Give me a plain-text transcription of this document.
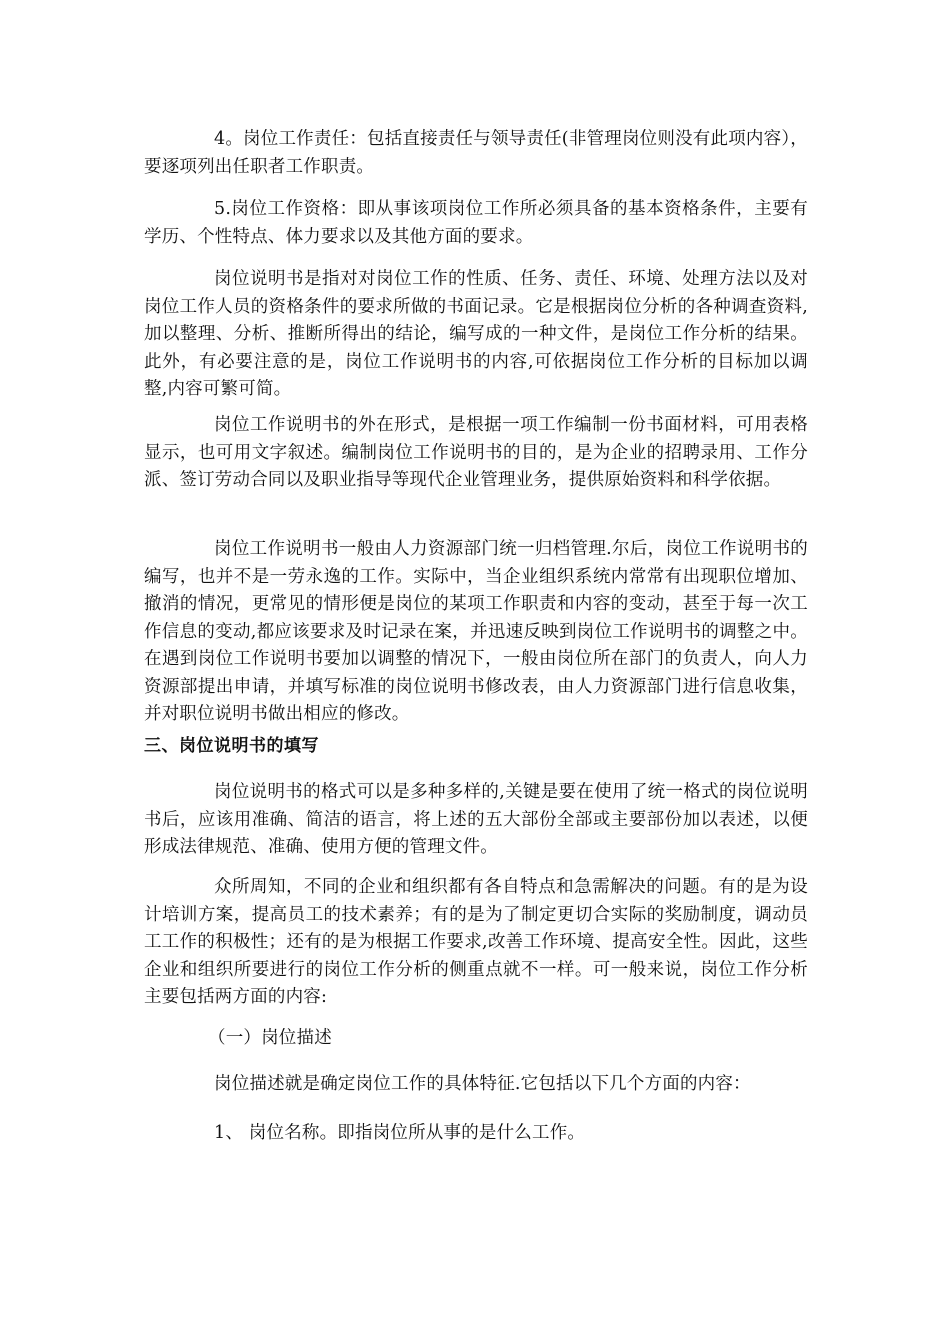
4。岗位工作责任：包括直接责任与领导责任(非管理岗位则没有此项内容），要逐项列出任职者工作职责。

5.岗位工作资格：即从事该项岗位工作所必须具备的基本资格条件，主要有学历、个性特点、体力要求以及其他方面的要求。

岗位说明书是指对对岗位工作的性质、任务、责任、环境、处理方法以及对岗位工作人员的资格条件的要求所做的书面记录。它是根据岗位分析的各种调查资料,加以整理、分析、推断所得出的结论，编写成的一种文件，是岗位工作分析的结果。此外，有必要注意的是，岗位工作说明书的内容,可依据岗位工作分析的目标加以调整,内容可繁可简。

岗位工作说明书的外在形式，是根据一项工作编制一份书面材料，可用表格显示，也可用文字叙述。编制岗位工作说明书的目的，是为企业的招聘录用、工作分派、签订劳动合同以及职业指导等现代企业管理业务，提供原始资料和科学依据。

岗位工作说明书一般由人力资源部门统一归档管理.尔后，岗位工作说明书的编写，也并不是一劳永逸的工作。实际中，当企业组织系统内常常有出现职位增加、撤消的情况，更常见的情形便是岗位的某项工作职责和内容的变动，甚至于每一次工作信息的变动,都应该要求及时记录在案，并迅速反映到岗位工作说明书的调整之中。在遇到岗位工作说明书要加以调整的情况下，一般由岗位所在部门的负责人，向人力资源部提出申请，并填写标准的岗位说明书修改表，由人力资源部门进行信息收集，并对职位说明书做出相应的修改。

三、岗位说明书的填写

岗位说明书的格式可以是多种多样的,关键是要在使用了统一格式的岗位说明书后，应该用准确、简洁的语言，将上述的五大部份全部或主要部份加以表述，以便形成法律规范、准确、使用方便的管理文件。

众所周知，不同的企业和组织都有各自特点和急需解决的问题。有的是为设计培训方案，提高员工的技术素养；有的是为了制定更切合实际的奖励制度，调动员工工作的积极性；还有的是为根据工作要求,改善工作环境、提高安全性。因此，这些企业和组织所要进行的岗位工作分析的侧重点就不一样。可一般来说，岗位工作分析主要包括两方面的内容:

（一）岗位描述

岗位描述就是确定岗位工作的具体特征.它包括以下几个方面的内容：

1、 岗位名称。即指岗位所从事的是什么工作。
